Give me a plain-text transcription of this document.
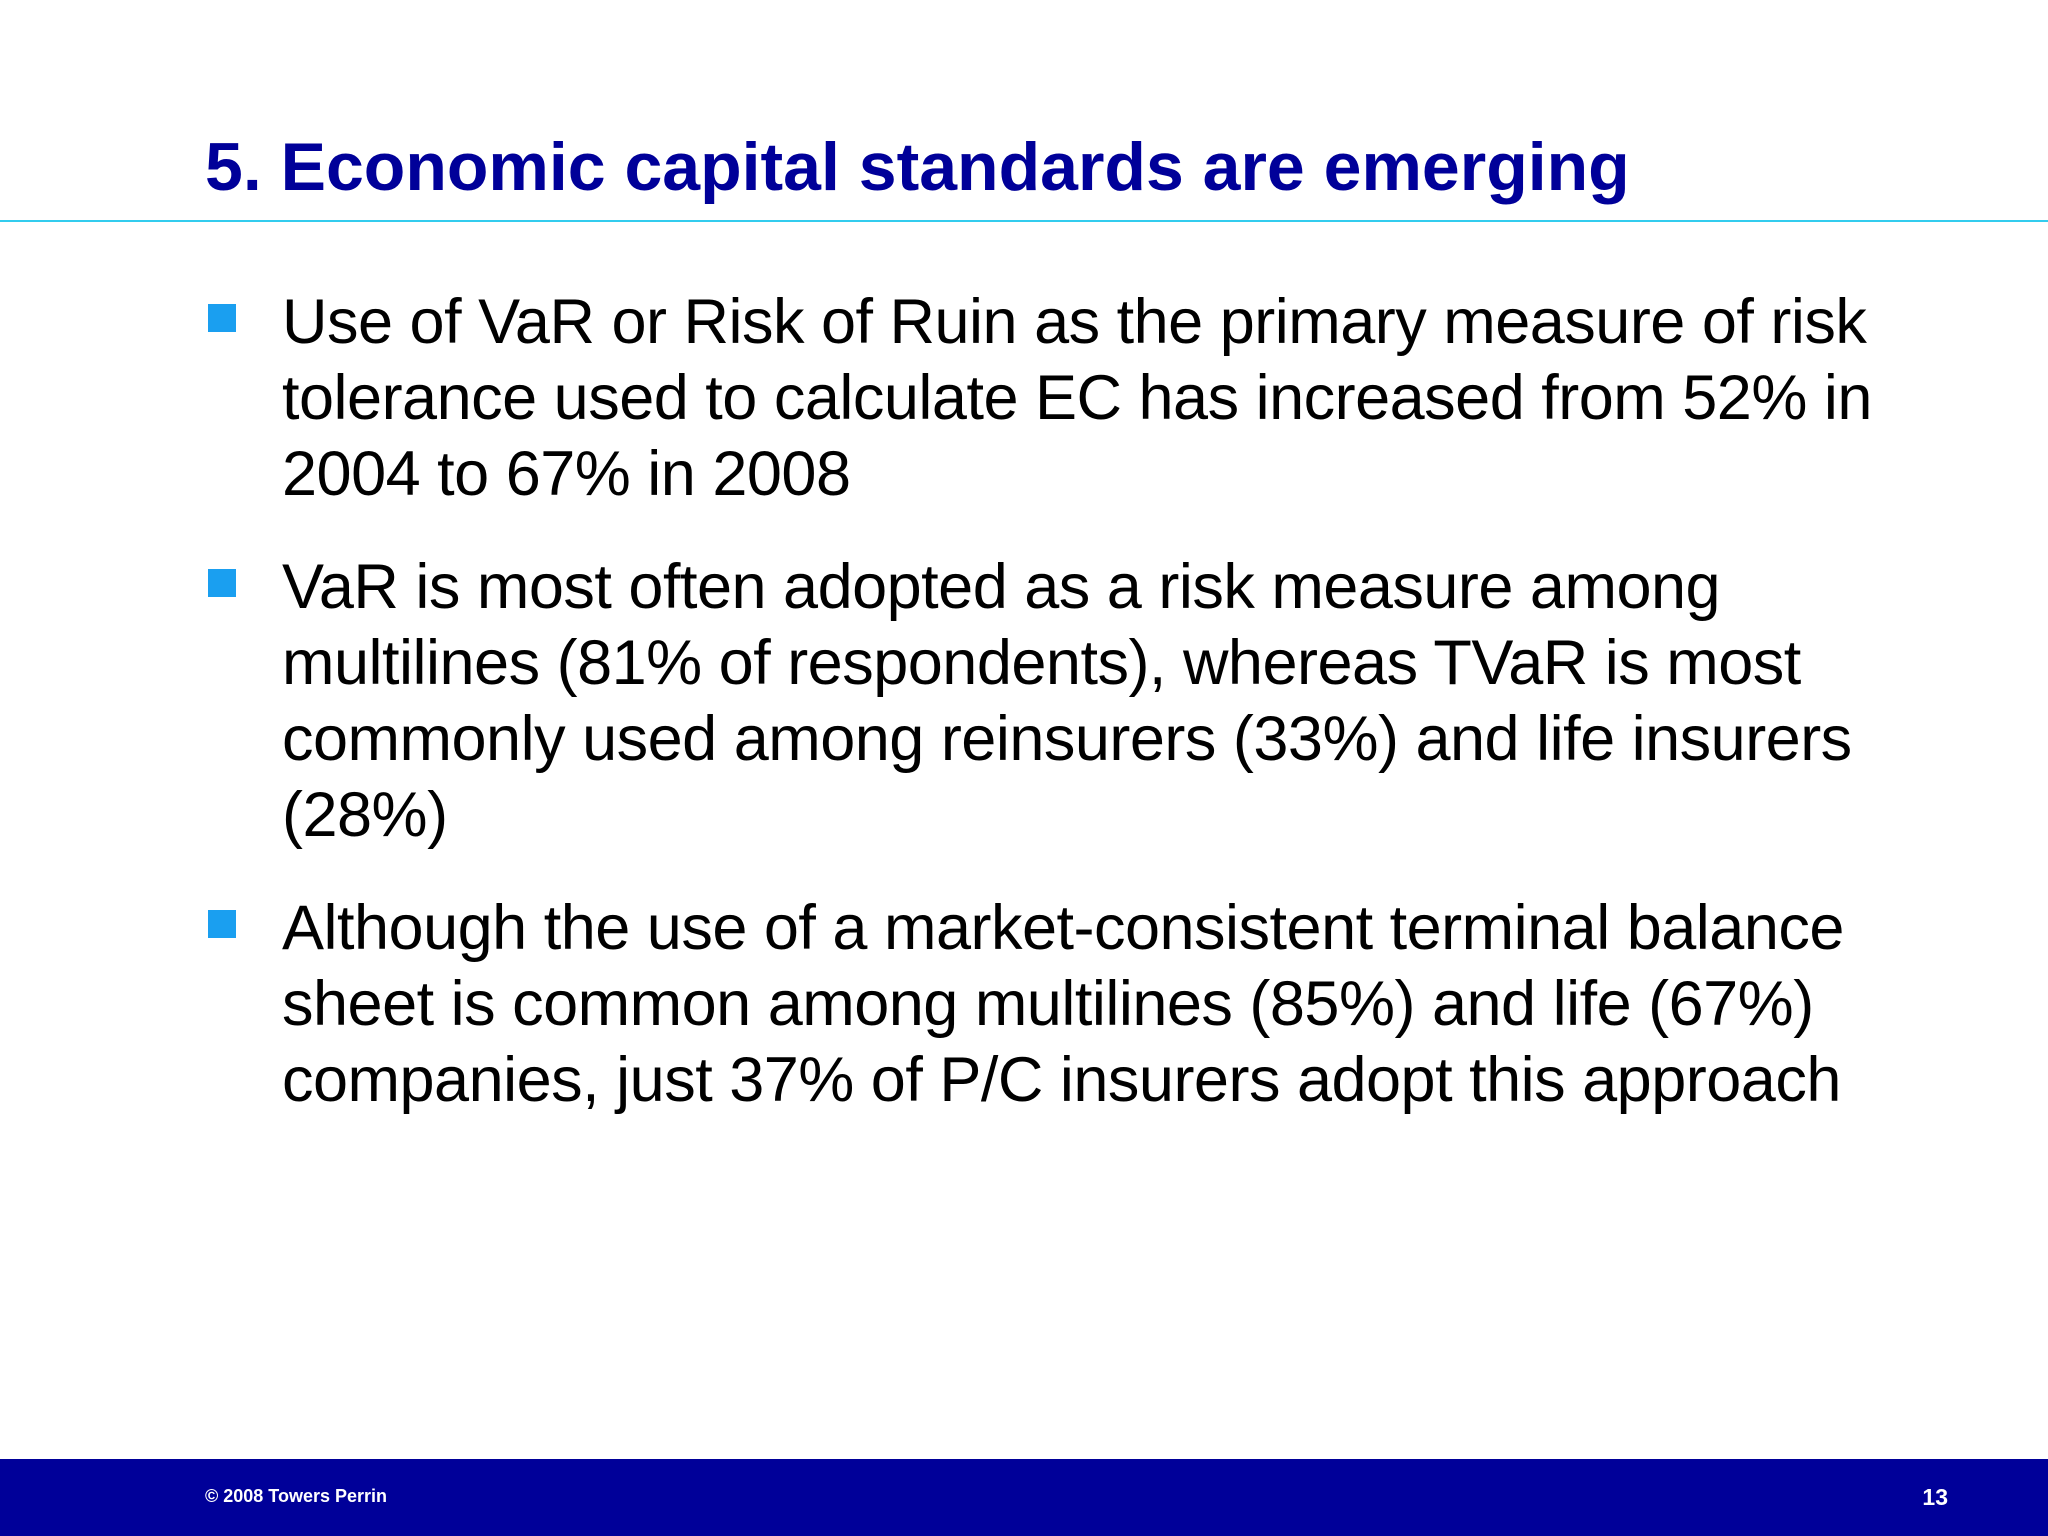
5. Economic capital standards are emerging
Use of VaR or Risk of Ruin as the primary measure of risk tolerance used to calculate EC has increased from 52% in 2004 to 67% in 2008
VaR is most often adopted as a risk measure among multilines (81% of respondents), whereas TVaR is most commonly used among reinsurers (33%) and life insurers (28%)
Although the use of a market-consistent terminal balance sheet is common among multilines (85%) and life (67%) companies, just 37% of P/C insurers adopt this approach
© 2008 Towers Perrin	13
